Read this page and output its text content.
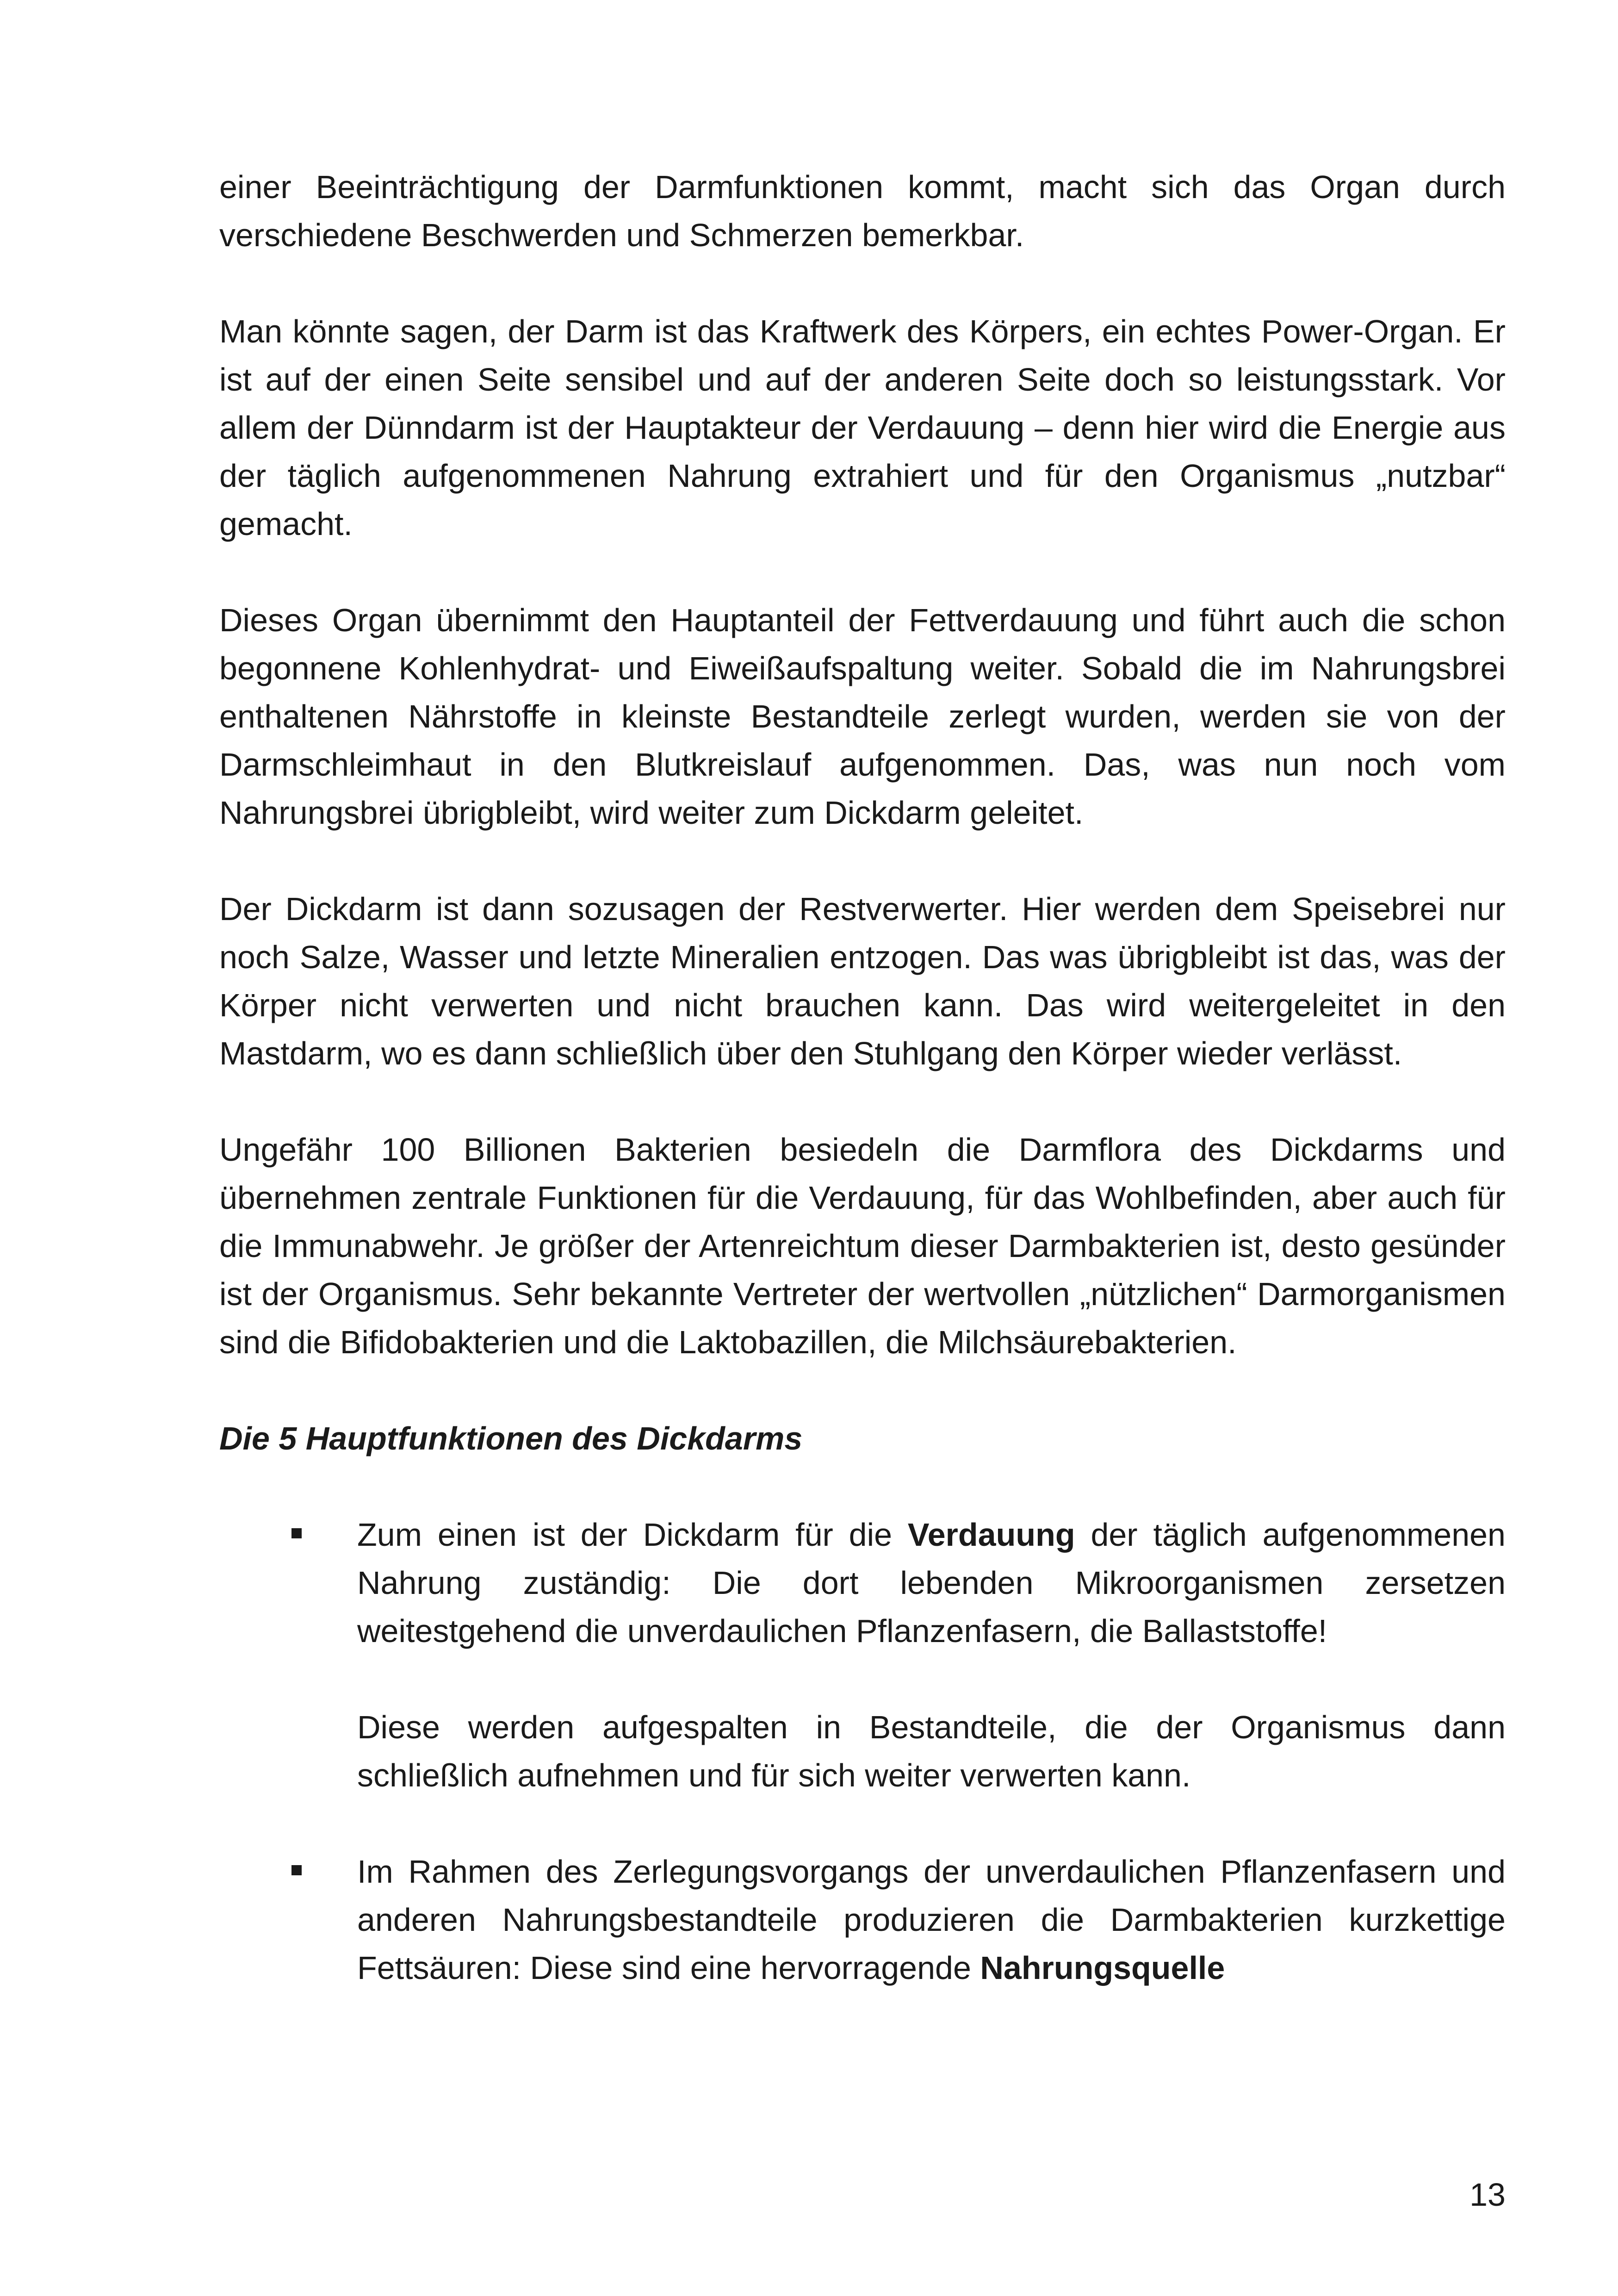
einer Beeinträchtigung der Darmfunktionen kommt, macht sich das Organ durch verschiedene Beschwerden und Schmerzen bemerkbar.

Man könnte sagen, der Darm ist das Kraftwerk des Körpers, ein echtes Power-Organ. Er ist auf der einen Seite sensibel und auf der anderen Seite doch so leistungsstark. Vor allem der Dünndarm ist der Hauptakteur der Verdauung – denn hier wird die Energie aus der täglich aufgenommenen Nahrung extrahiert und für den Organismus „nutzbar“ gemacht.

Dieses Organ übernimmt den Hauptanteil der Fettverdauung und führt auch die schon begonnene Kohlenhydrat- und Eiweißaufspaltung weiter. Sobald die im Nahrungsbrei enthaltenen Nährstoffe in kleinste Bestandteile zerlegt wurden, werden sie von der Darmschleimhaut in den Blutkreislauf aufgenommen. Das, was nun noch vom Nahrungsbrei übrigbleibt, wird weiter zum Dickdarm geleitet.

Der Dickdarm ist dann sozusagen der Restverwerter. Hier werden dem Speisebrei nur noch Salze, Wasser und letzte Mineralien entzogen. Das was übrigbleibt ist das, was der Körper nicht verwerten und nicht brauchen kann. Das wird weitergeleitet in den Mastdarm, wo es dann schließlich über den Stuhlgang den Körper wieder verlässt.

Ungefähr 100 Billionen Bakterien besiedeln die Darmflora des Dickdarms und übernehmen zentrale Funktionen für die Verdauung, für das Wohlbefinden, aber auch für die Immunabwehr. Je größer der Artenreichtum dieser Darmbakterien ist, desto gesünder ist der Organismus. Sehr bekannte Vertreter der wertvollen „nützlichen“ Darmorganismen sind die Bifidobakterien und die Laktobazillen, die Milchsäurebakterien.

Die 5 Hauptfunktionen des Dickdarms

Zum einen ist der Dickdarm für die Verdauung der täglich aufgenommenen Nahrung zuständig: Die dort lebenden Mikroorganismen zersetzen weitestgehend die unverdaulichen Pflanzenfasern, die Ballaststoffe!

Diese werden aufgespalten in Bestandteile, die der Organismus dann schließlich aufnehmen und für sich weiter verwerten kann.

Im Rahmen des Zerlegungsvorgangs der unverdaulichen Pflanzenfasern und anderen Nahrungsbestandteile produzieren die Darmbakterien kurzkettige Fettsäuren: Diese sind eine hervorragende Nahrungsquelle

13
